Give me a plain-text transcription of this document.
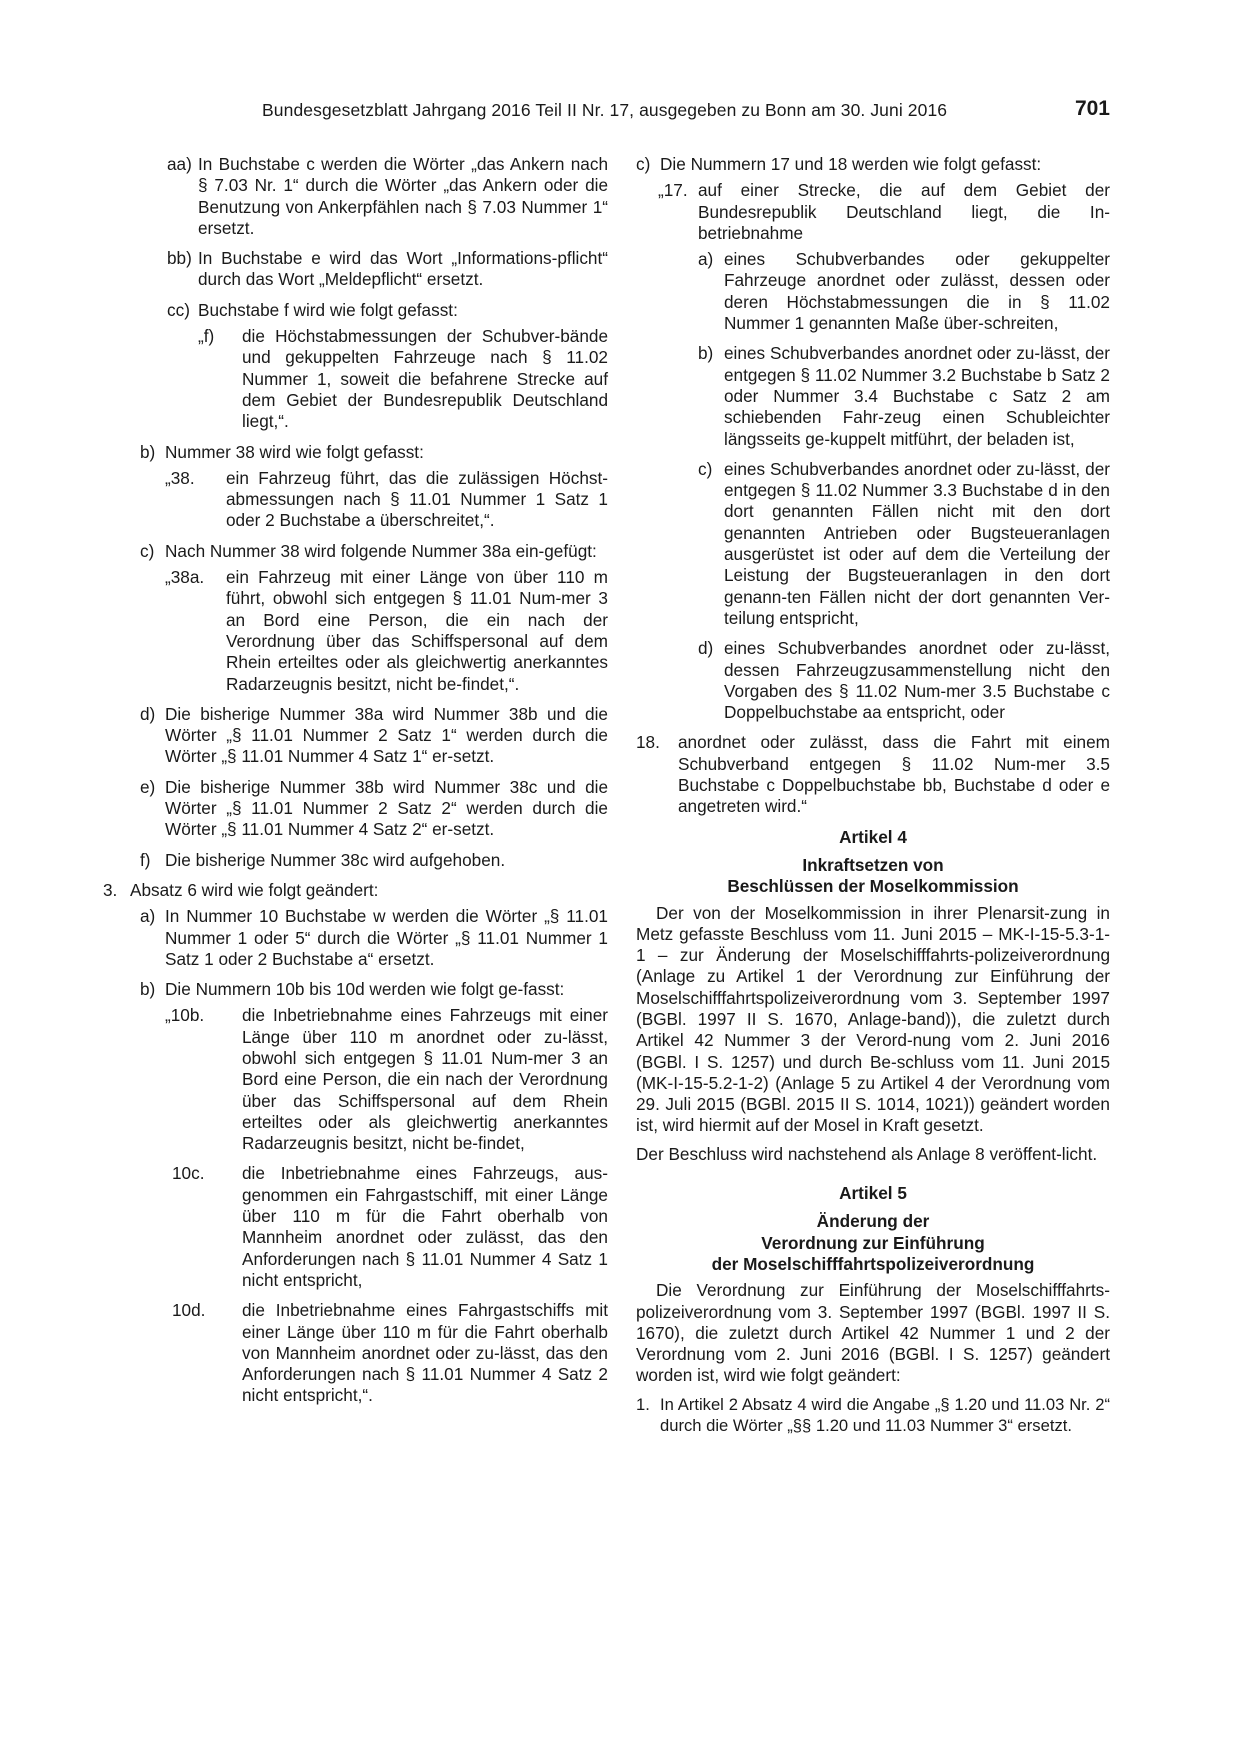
Bundesgesetzblatt Jahrgang 2016 Teil II Nr. 17, ausgegeben zu Bonn am 30. Juni 2016	701
aa) In Buchstabe c werden die Wörter „das Ankern nach § 7.03 Nr. 1“ durch die Wörter „das Ankern oder die Benutzung von Ankerpfählen nach § 7.03 Nummer 1“ ersetzt.
bb) In Buchstabe e wird das Wort „Informations-pflicht“ durch das Wort „Meldepflicht“ ersetzt.
cc) Buchstabe f wird wie folgt gefasst:
„f) die Höchstabmessungen der Schubver-bände und gekuppelten Fahrzeuge nach § 11.02 Nummer 1, soweit die befahrene Strecke auf dem Gebiet der Bundesrepublik Deutschland liegt,“.
b) Nummer 38 wird wie folgt gefasst:
„38. ein Fahrzeug führt, das die zulässigen Höchst-abmessungen nach § 11.01 Nummer 1 Satz 1 oder 2 Buchstabe a überschreitet,“.
c) Nach Nummer 38 wird folgende Nummer 38a ein-gefügt:
„38a. ein Fahrzeug mit einer Länge von über 110 m führt, obwohl sich entgegen § 11.01 Num-mer 3 an Bord eine Person, die ein nach der Verordnung über das Schiffspersonal auf dem Rhein erteiltes oder als gleichwertig anerkanntes Radarzeugnis besitzt, nicht be-findet,“.
d) Die bisherige Nummer 38a wird Nummer 38b und die Wörter „§ 11.01 Nummer 2 Satz 1“ werden durch die Wörter „§ 11.01 Nummer 4 Satz 1“ er-setzt.
e) Die bisherige Nummer 38b wird Nummer 38c und die Wörter „§ 11.01 Nummer 2 Satz 2“ werden durch die Wörter „§ 11.01 Nummer 4 Satz 2“ er-setzt.
f) Die bisherige Nummer 38c wird aufgehoben.
3. Absatz 6 wird wie folgt geändert:
a) In Nummer 10 Buchstabe w werden die Wörter „§ 11.01 Nummer 1 oder 5“ durch die Wörter „§ 11.01 Nummer 1 Satz 1 oder 2 Buchstabe a“ ersetzt.
b) Die Nummern 10b bis 10d werden wie folgt ge-fasst:
„10b. die Inbetriebnahme eines Fahrzeugs mit einer Länge über 110 m anordnet oder zu-lässt, obwohl sich entgegen § 11.01 Num-mer 3 an Bord eine Person, die ein nach der Verordnung über das Schiffspersonal auf dem Rhein erteiltes oder als gleichwertig anerkanntes Radarzeugnis besitzt, nicht be-findet,
10c. die Inbetriebnahme eines Fahrzeugs, aus-genommen ein Fahrgastschiff, mit einer Länge über 110 m für die Fahrt oberhalb von Mannheim anordnet oder zulässt, das den Anforderungen nach § 11.01 Nummer 4 Satz 1 nicht entspricht,
10d. die Inbetriebnahme eines Fahrgastschiffs mit einer Länge über 110 m für die Fahrt oberhalb von Mannheim anordnet oder zu-lässt, das den Anforderungen nach § 11.01 Nummer 4 Satz 2 nicht entspricht,“.
c) Die Nummern 17 und 18 werden wie folgt gefasst:
„17. auf einer Strecke, die auf dem Gebiet der Bundesrepublik Deutschland liegt, die In-betriebnahme
a) eines Schubverbandes oder gekuppelter Fahrzeuge anordnet oder zulässt, dessen oder deren Höchstabmessungen die in § 11.02 Nummer 1 genannten Maße über-schreiten,
b) eines Schubverbandes anordnet oder zu-lässt, der entgegen § 11.02 Nummer 3.2 Buchstabe b Satz 2 oder Nummer 3.4 Buchstabe c Satz 2 am schiebenden Fahr-zeug einen Schubleichter längsseits ge-kuppelt mitführt, der beladen ist,
c) eines Schubverbandes anordnet oder zu-lässt, der entgegen § 11.02 Nummer 3.3 Buchstabe d in den dort genannten Fällen nicht mit den dort genannten Antrieben oder Bugsteueranlagen ausgerüstet ist oder auf dem die Verteilung der Leistung der Bugsteueranlagen in den dort genann-ten Fällen nicht der dort genannten Ver-teilung entspricht,
d) eines Schubverbandes anordnet oder zu-lässt, dessen Fahrzeugzusammenstellung nicht den Vorgaben des § 11.02 Num-mer 3.5 Buchstabe c Doppelbuchstabe aa entspricht, oder
18. anordnet oder zulässt, dass die Fahrt mit einem Schubverband entgegen § 11.02 Num-mer 3.5 Buchstabe c Doppelbuchstabe bb, Buchstabe d oder e angetreten wird.“
Artikel 4
Inkraftsetzen von
Beschlüssen der Moselkommission

Der von der Moselkommission in ihrer Plenarsit-zung in Metz gefasste Beschluss vom 11. Juni 2015 – MK-I-15-5.3-1-1 – zur Änderung der Moselschifffahrts-polizeiverordnung (Anlage zu Artikel 1 der Verordnung zur Einführung der Moselschifffahrtspolizeiverordnung vom 3. September 1997 (BGBl. 1997 II S. 1670, Anlage-band)), die zuletzt durch Artikel 42 Nummer 3 der Verord-nung vom 2. Juni 2016 (BGBl. I S. 1257) und durch Be-schluss vom 11. Juni 2015 (MK-I-15-5.2-1-2) (Anlage 5 zu Artikel 4 der Verordnung vom 29. Juli 2015 (BGBl. 2015 II S. 1014, 1021)) geändert worden ist, wird hiermit auf der Mosel in Kraft gesetzt.

Der Beschluss wird nachstehend als Anlage 8 veröffent-licht.

Artikel 5
Änderung der
Verordnung zur Einführung
der Moselschifffahrtspolizeiverordnung

Die Verordnung zur Einführung der Moselschifffahrts-polizeiverordnung vom 3. September 1997 (BGBl. 1997 II S. 1670), die zuletzt durch Artikel 42 Nummer 1 und 2 der Verordnung vom 2. Juni 2016 (BGBl. I S. 1257) geändert worden ist, wird wie folgt geändert:

1. In Artikel 2 Absatz 4 wird die Angabe „§ 1.20 und 11.03 Nr. 2“ durch die Wörter „§§ 1.20 und 11.03 Nummer 3“ ersetzt.
